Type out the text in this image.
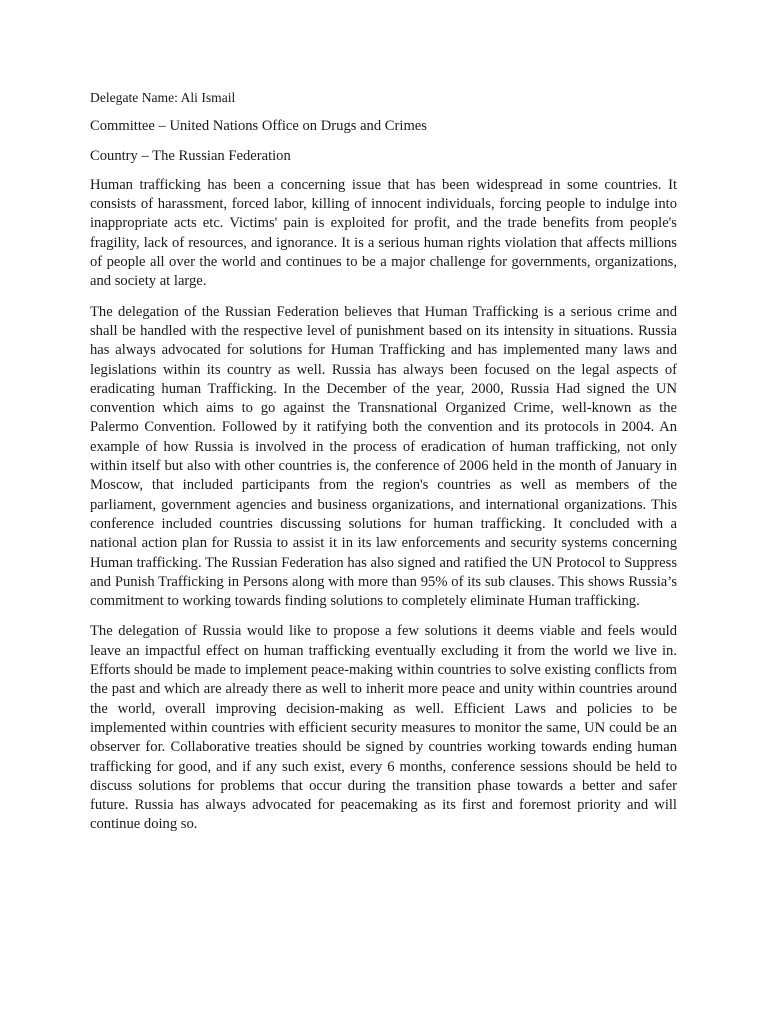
Delegate Name: Ali Ismail

Committee – United Nations Office on Drugs and Crimes

Country – The Russian Federation

Human trafficking has been a concerning issue that has been widespread in some countries. It consists of harassment, forced labor, killing of innocent individuals, forcing people to indulge into inappropriate acts etc. Victims' pain is exploited for profit, and the trade benefits from people's fragility, lack of resources, and ignorance. It is a serious human rights violation that affects millions of people all over the world and continues to be a major challenge for governments, organizations, and society at large.

The delegation of the Russian Federation believes that Human Trafficking is a serious crime and shall be handled with the respective level of punishment based on its intensity in situations. Russia has always advocated for solutions for Human Trafficking and has implemented many laws and legislations within its country as well. Russia has always been focused on the legal aspects of eradicating human Trafficking. In the December of the year, 2000, Russia Had signed the UN convention which aims to go against the Transnational Organized Crime, well-known as the Palermo Convention. Followed by it ratifying both the convention and its protocols in 2004. An example of how Russia is involved in the process of eradication of human trafficking, not only within itself but also with other countries is, the conference of 2006 held in the month of January in Moscow, that included participants from the region's countries as well as members of the parliament, government agencies and business organizations, and international organizations. This conference included countries discussing solutions for human trafficking. It concluded with a national action plan for Russia to assist it in its law enforcements and security systems concerning Human trafficking. The Russian Federation has also signed and ratified the UN Protocol to Suppress and Punish Trafficking in Persons along with more than 95% of its sub clauses. This shows Russia’s commitment to working towards finding solutions to completely eliminate Human trafficking.

The delegation of Russia would like to propose a few solutions it deems viable and feels would leave an impactful effect on human trafficking eventually excluding it from the world we live in. Efforts should be made to implement peace-making within countries to solve existing conflicts from the past and which are already there as well to inherit more peace and unity within countries around the world, overall improving decision-making as well. Efficient Laws and policies to be implemented within countries with efficient security measures to monitor the same, UN could be an observer for. Collaborative treaties should be signed by countries working towards ending human trafficking for good, and if any such exist, every 6 months, conference sessions should be held to discuss solutions for problems that occur during the transition phase towards a better and safer future. Russia has always advocated for peacemaking as its first and foremost priority and will continue doing so.
